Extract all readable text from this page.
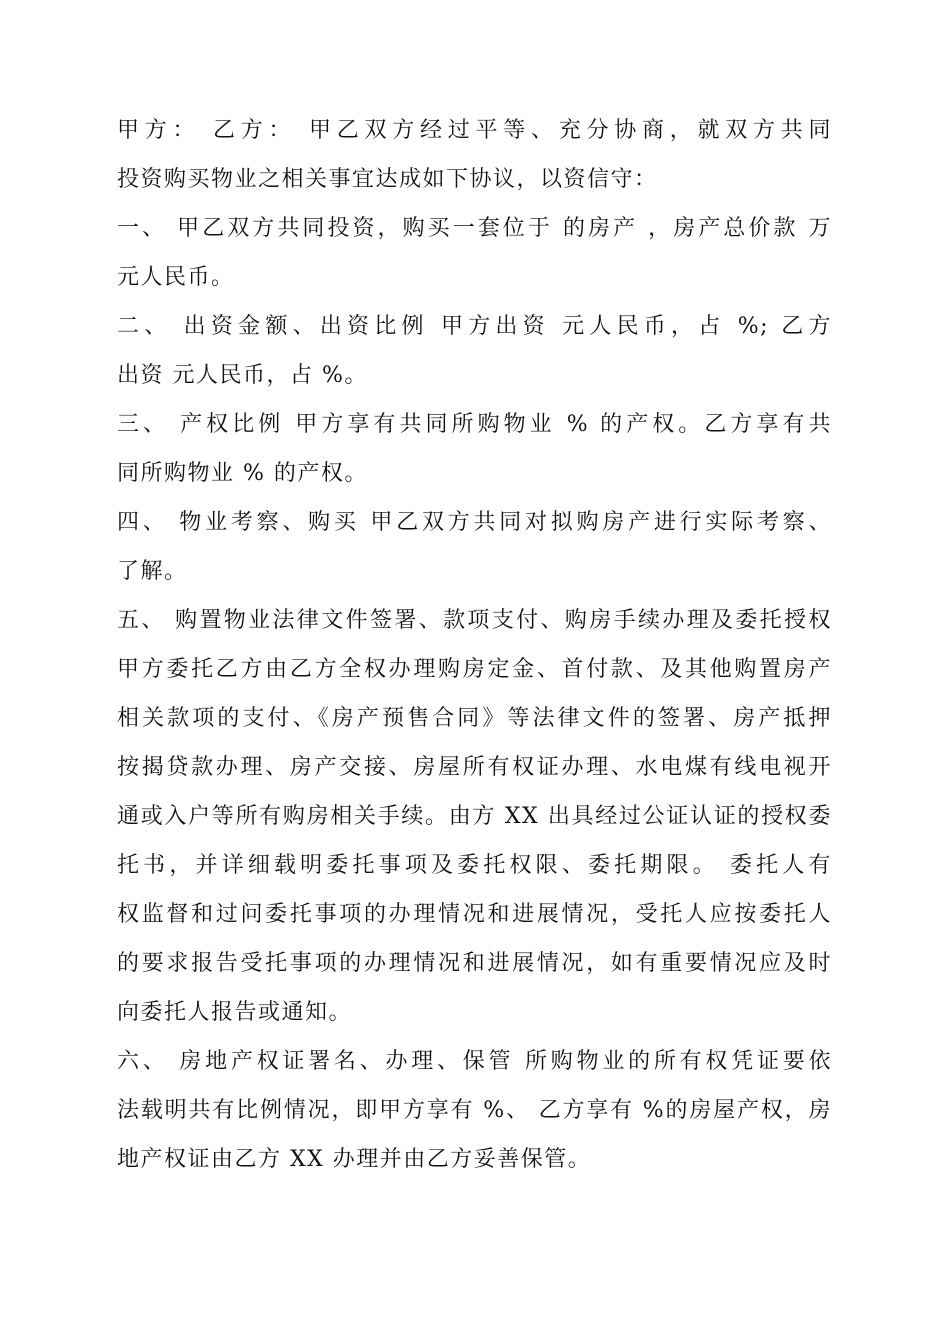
甲方： 乙方： 甲乙双方经过平等、充分协商，就双方共同
投资购买物业之相关事宜达成如下协议，以资信守：
一、 甲乙双方共同投资，购买一套位于 的房产 ，房产总价款 万
元人民币。
二、 出资金额、出资比例 甲方出资 元人民币，占 %; 乙方
出资 元人民币，占 %。
三、 产权比例 甲方享有共同所购物业 % 的产权。乙方享有共
同所购物业 % 的产权。
四、 物业考察、购买 甲乙双方共同对拟购房产进行实际考察、
了解。
五、 购置物业法律文件签署、款项支付、购房手续办理及委托授权
甲方委托乙方由乙方全权办理购房定金、首付款、及其他购置房产
相关款项的支付、《房产预售合同》等法律文件的签署、房产抵押
按揭贷款办理、房产交接、房屋所有权证办理、水电煤有线电视开
通或入户等所有购房相关手续。由方 XX 出具经过公证认证的授权委
托书，并详细载明委托事项及委托权限、委托期限。 委托人有
权监督和过问委托事项的办理情况和进展情况，受托人应按委托人
的要求报告受托事项的办理情况和进展情况，如有重要情况应及时
向委托人报告或通知。
六、 房地产权证署名、办理、保管 所购物业的所有权凭证要依
法载明共有比例情况，即甲方享有 %、 乙方享有 %的房屋产权，房
地产权证由乙方 XX 办理并由乙方妥善保管。
